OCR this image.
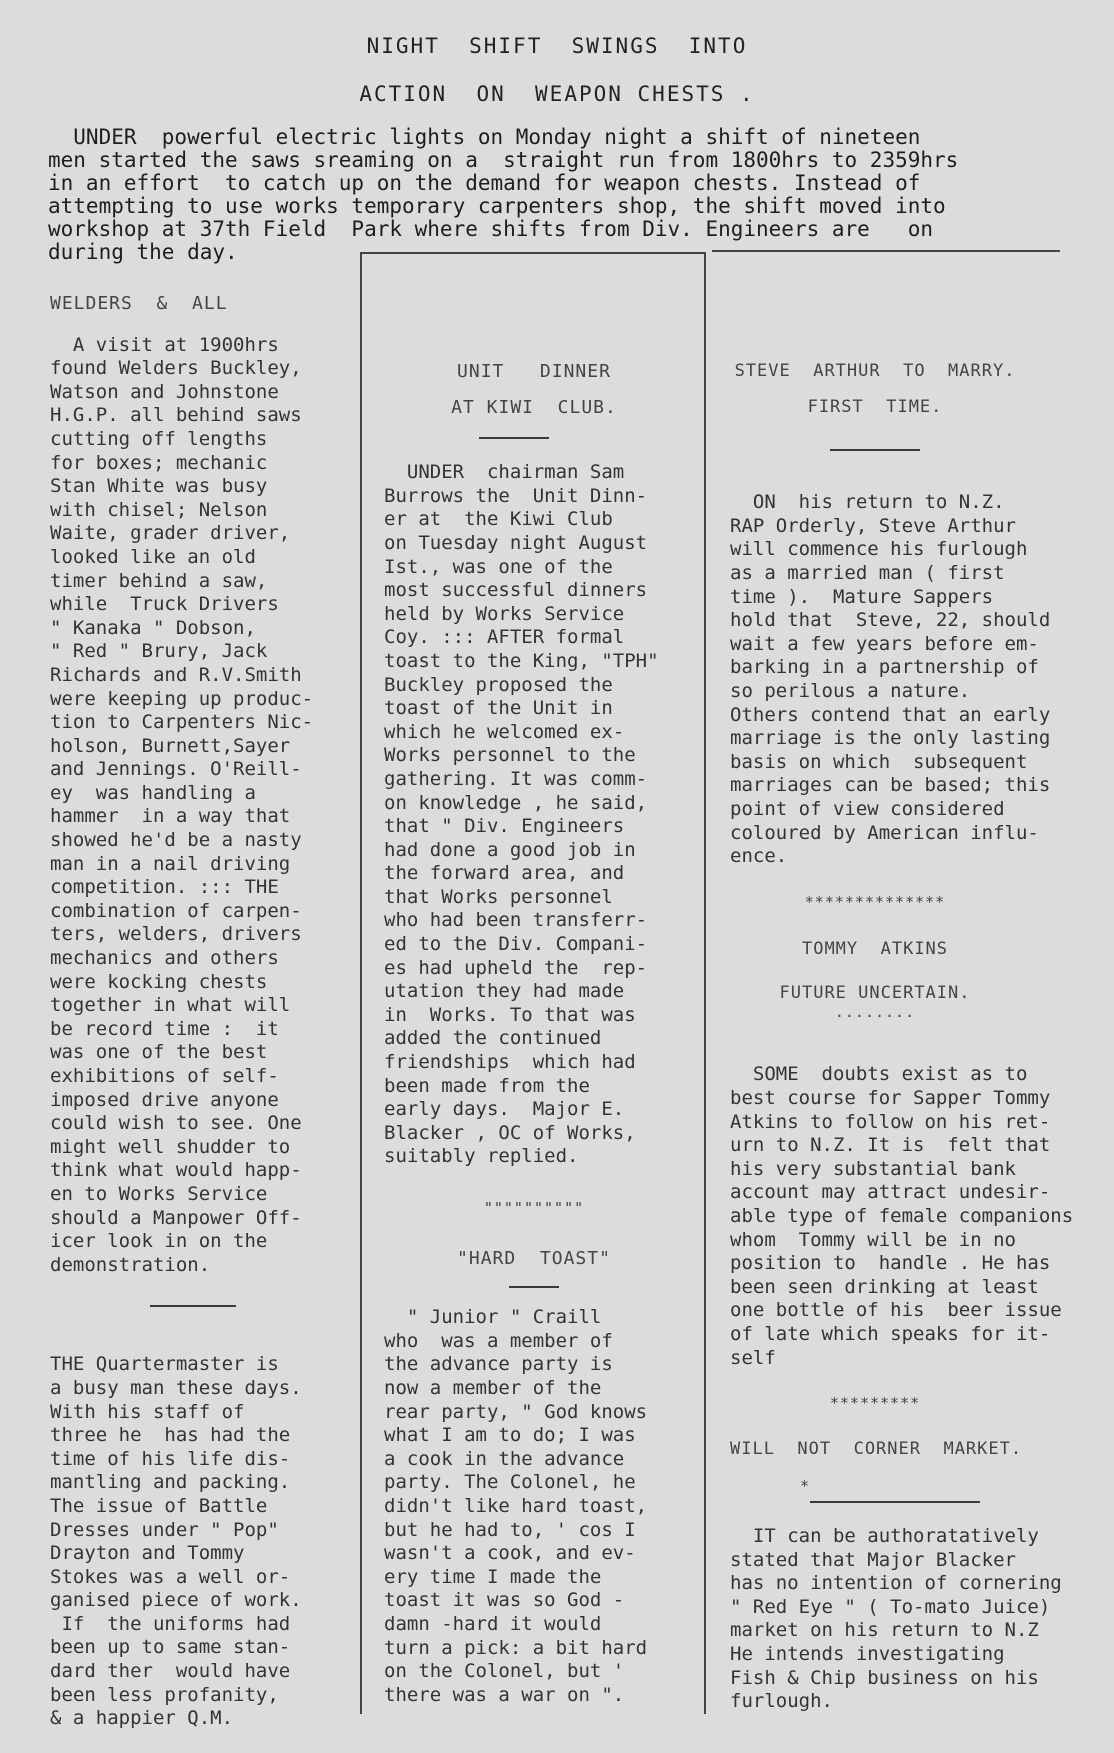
NIGHT  SHIFT  SWINGS  INTO
ACTION  ON  WEAPON CHESTS .

UNDER  powerful electric lights on Monday night a shift of nineteen

men started the saws sreaming on a  straight run from 1800hrs to 2359hrs

in an effort  to catch up on the demand for weapon chests. Instead of

attempting to use works temporary carpenters shop, the shift moved into

workshop at 37th Field  Park where shifts from Div. Engineers are   on

during the day.

WELDERS  &  ALL
A visit at 1900hrs
found Welders Buckley,
Watson and Johnstone
H.G.P. all behind saws
cutting off lengths
for boxes; mechanic
Stan White was busy
with chisel; Nelson
Waite, grader driver,
looked like an old
timer behind a saw,
while  Truck Drivers
" Kanaka " Dobson,
" Red " Brury, Jack
Richards and R.V.Smith
were keeping up produc-
tion to Carpenters Nic-
holson, Burnett,Sayer
and Jennings. O'Reill-
ey  was handling a
hammer  in a way that
showed he'd be a nasty
man in a nail driving
competition. ::: THE
combination of carpen-
ters, welders, drivers
mechanics and others
were kocking chests
together in what will
be record time :  it
was one of the best
exhibitions of self-
imposed drive anyone
could wish to see. One
might well shudder to
think what would happ-
en to Works Service
should a Manpower Off-
icer look in on the
demonstration.
THE Quartermaster is
a busy man these days.
With his staff of
three he  has had the
time of his life dis-
mantling and packing.
The issue of Battle
Dresses under " Pop"
Drayton and Tommy
Stokes was a well or-
ganised piece of work.
If  the uniforms had
been up to same stan-
dard ther  would have
been less profanity,
& a happier Q.M.
UNIT   DINNER
AT KIWI  CLUB.
UNDER  chairman Sam
Burrows the  Unit Dinn-
er at  the Kiwi Club
on Tuesday night August
Ist., was one of the
most successful dinners
held by Works Service
Coy. ::: AFTER formal
toast to the King, "TPH"
Buckley proposed the
toast of the Unit in
which he welcomed ex-
Works personnel to the
gathering. It was comm-
on knowledge , he said,
that " Div. Engineers
had done a good job in
the forward area, and
that Works personnel
who had been transferr-
ed to the Div. Compani-
es had upheld the  rep-
utation they had made
in  Works. To that was
added the continued
friendships  which had
been made from the
early days.  Major E.
Blacker , OC of Works,
suitably replied.
""""""""""
"HARD  TOAST"
" Junior " Craill
who  was a member of
the advance party is
now a member of the
rear party, " God knows
what I am to do; I was
a cook in the advance
party. The Colonel, he
didn't like hard toast,
but he had to, ' cos I
wasn't a cook, and ev-
ery time I made the
toast it was so God -
damn -hard it would
turn a pick: a bit hard
on the Colonel, but '
there was a war on ".
STEVE  ARTHUR  TO  MARRY.
FIRST  TIME.
ON  his return to N.Z.
RAP Orderly, Steve Arthur
will commence his furlough
as a married man ( first
time ).  Mature Sappers
hold that  Steve, 22, should
wait a few years before em-
barking in a partnership of
so perilous a nature.
Others contend that an early
marriage is the only lasting
basis on which  subsequent
marriages can be based; this
point of view considered
coloured by American influ-
ence.
**************
TOMMY  ATKINS
FUTURE UNCERTAIN.
........
SOME  doubts exist as to
best course for Sapper Tommy
Atkins to follow on his ret-
urn to N.Z. It is  felt that
his very substantial bank
account may attract undesir-
able type of female companions
whom  Tommy will be in no
position to  handle . He has
been seen drinking at least
one bottle of his  beer issue
of late which speaks for it-
self
*********
WILL  NOT  CORNER  MARKET.
*
IT can be authoratatively
stated that Major Blacker
has no intention of cornering
" Red Eye " ( To-mato Juice)
market on his return to N.Z
He intends investigating
Fish & Chip business on his
furlough.
